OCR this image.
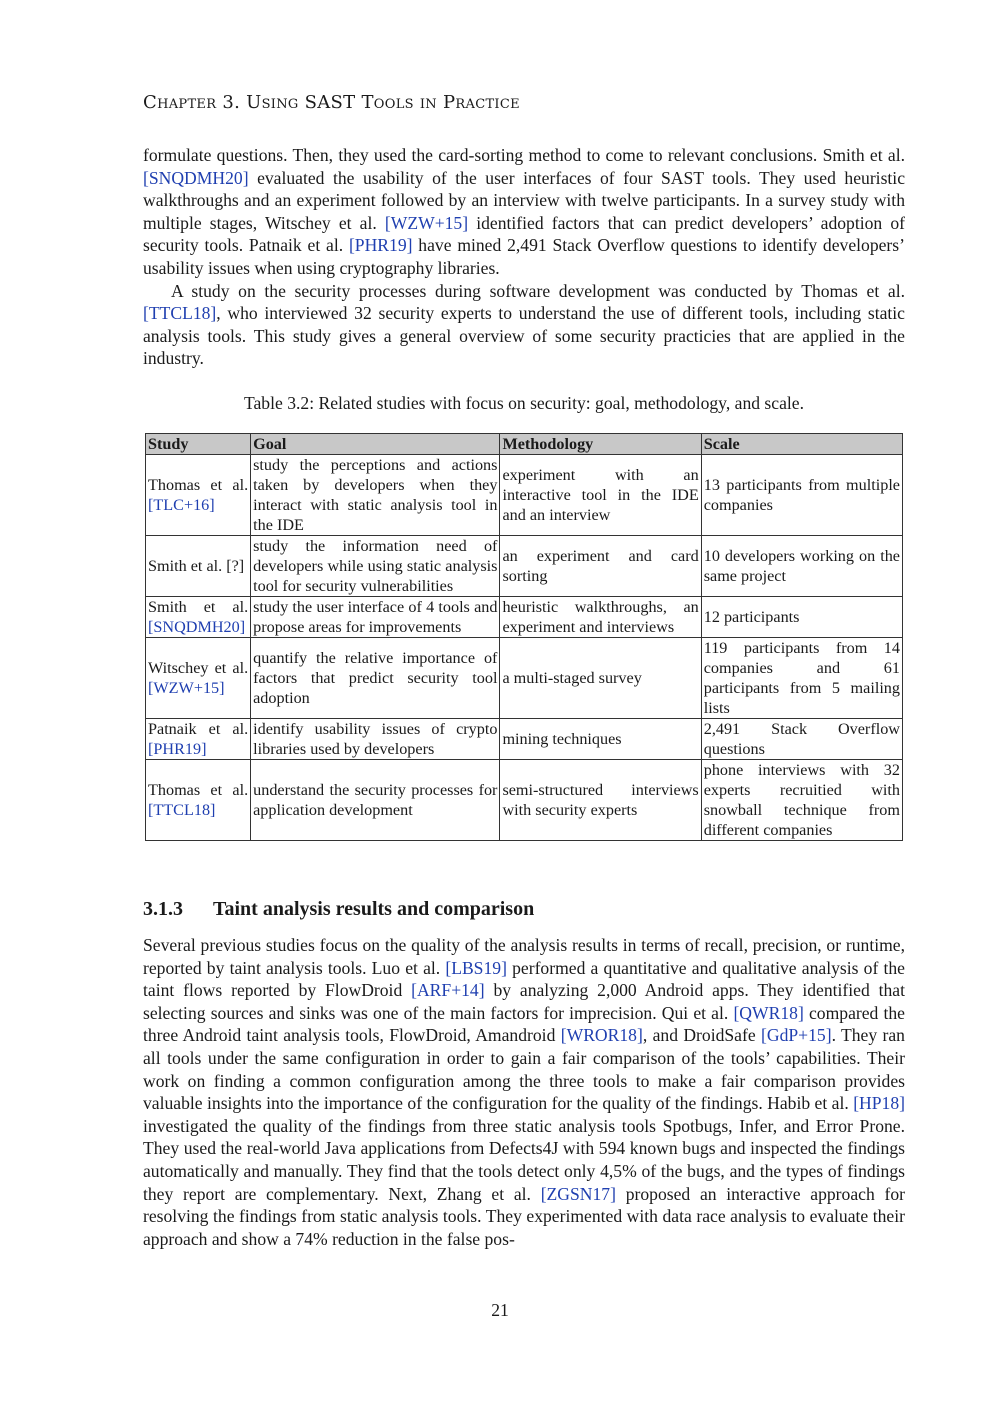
Chapter 3. Using SAST Tools in Practice

formulate questions. Then, they used the card-sorting method to come to relevant conclusions. Smith et al. [SNQDMH20] evaluated the usability of the user interfaces of four SAST tools. They used heuristic walkthroughs and an experiment followed by an interview with twelve participants. In a survey study with multiple stages, Witschey et al. [WZW+15] identified factors that can predict developers’ adoption of security tools. Patnaik et al. [PHR19] have mined 2,491 Stack Overflow questions to identify developers’ usability issues when using cryptography libraries.

A study on the security processes during software development was conducted by Thomas et al. [TTCL18], who interviewed 32 security experts to understand the use of different tools, including static analysis tools. This study gives a general overview of some security practicies that are applied in the industry.

Table 3.2: Related studies with focus on security: goal, methodology, and scale.
Study	Goal	Methodology	Scale
Thomas et al. [TLC+16]	study the perceptions and actions taken by developers when they interact with static analysis tool in the IDE	experiment with an interactive tool in the IDE and an interview	13 participants from multiple companies
Smith et al. [?]	study the information need of developers while using static analysis tool for security vulnerabilities	an experiment and card sorting	10 developers working on the same project
Smith et al. [SNQDMH20]	study the user interface of 4 tools and propose areas for improvements	heuristic walkthroughs, an experiment and interviews	12 participants
Witschey et al. [WZW+15]	quantify the relative importance of factors that predict security tool adoption	a multi-staged survey	119 participants from 14 companies and 61 participants from 5 mailing lists
Patnaik et al. [PHR19]	identify usability issues of crypto libraries used by developers	mining techniques	2,491 Stack Overflow questions
Thomas et al. [TTCL18]	understand the security processes for application development	semi-structured interviews with security experts	phone interviews with 32 experts recruitied with snowball technique from different companies
3.1.3 Taint analysis results and comparison

Several previous studies focus on the quality of the analysis results in terms of recall, precision, or runtime, reported by taint analysis tools. Luo et al. [LBS19] performed a quantitative and qualitative analysis of the taint flows reported by FlowDroid [ARF+14] by analyzing 2,000 Android apps. They identified that selecting sources and sinks was one of the main factors for imprecision. Qui et al. [QWR18] compared the three Android taint analysis tools, FlowDroid, Amandroid [WROR18], and DroidSafe [GdP+15]. They ran all tools under the same configuration in order to gain a fair comparison of the tools’ capabilities. Their work on finding a common configuration among the three tools to make a fair comparison provides valuable insights into the importance of the configuration for the quality of the findings. Habib et al. [HP18] investigated the quality of the findings from three static analysis tools Spotbugs, Infer, and Error Prone. They used the real-world Java applications from Defects4J with 594 known bugs and inspected the findings automatically and manually. They find that the tools detect only 4,5% of the bugs, and the types of findings they report are complementary. Next, Zhang et al. [ZGSN17] proposed an interactive approach for resolving the findings from static analysis tools. They experimented with data race analysis to evaluate their approach and show a 74% reduction in the false pos-

21
